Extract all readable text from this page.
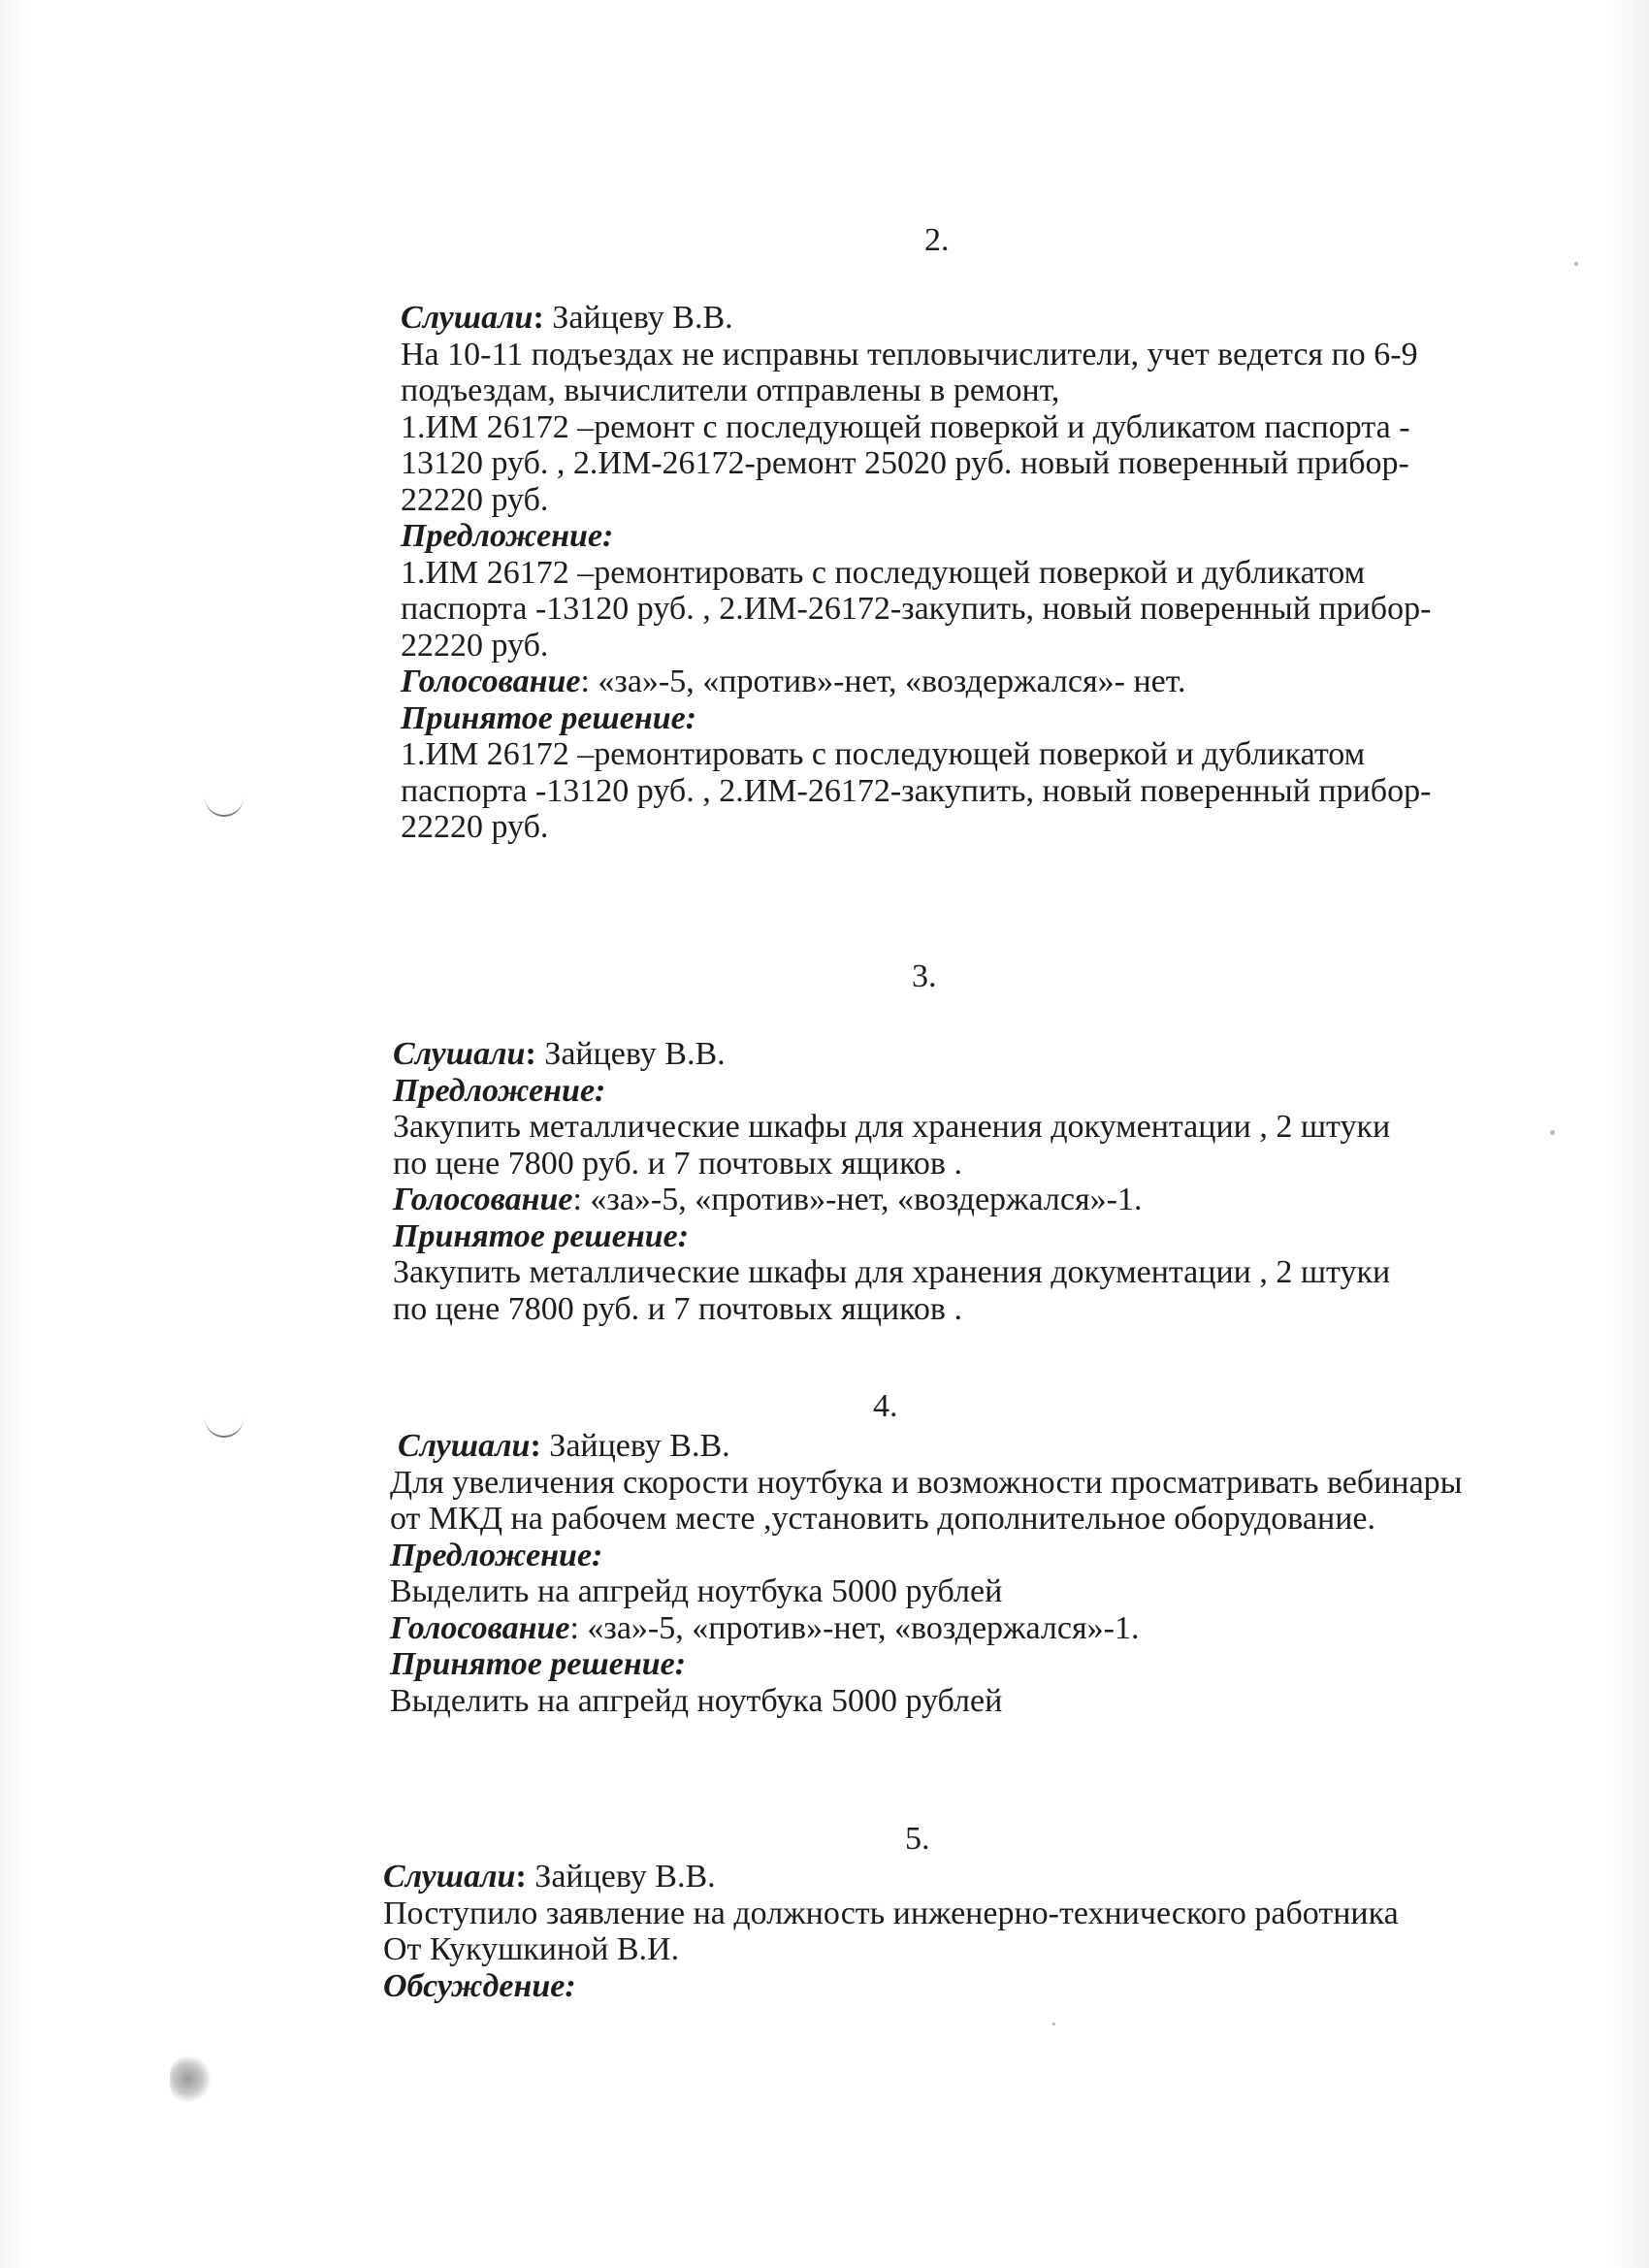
2.
Слушали: Зайцеву В.В.
На 10-11 подъездах не исправны тепловычислители, учет ведется по 6-9
подъездам, вычислители отправлены в ремонт,
1.ИМ 26172 –ремонт с последующей поверкой и дубликатом паспорта -
13120 руб. , 2.ИМ-26172-ремонт 25020 руб. новый поверенный прибор-
22220 руб.
Предложение:
1.ИМ 26172 –ремонтировать с последующей поверкой и дубликатом
паспорта -13120 руб. , 2.ИМ-26172-закупить, новый поверенный прибор-
22220 руб.
Голосование: «за»-5, «против»-нет, «воздержался»- нет.
Принятое решение:
1.ИМ 26172 –ремонтировать с последующей поверкой и дубликатом
паспорта -13120 руб. , 2.ИМ-26172-закупить, новый поверенный прибор-
22220 руб.
3.
Слушали: Зайцеву В.В.
Предложение:
Закупить металлические шкафы для хранения документации , 2 штуки
по цене 7800 руб. и 7 почтовых ящиков .
Голосование: «за»-5, «против»-нет, «воздержался»-1.
Принятое решение:
Закупить металлические шкафы для хранения документации , 2 штуки
по цене 7800 руб. и 7 почтовых ящиков .
4.
Слушали: Зайцеву В.В.
Для увеличения скорости ноутбука и возможности просматривать вебинары
от МКД на рабочем месте ,установить дополнительное оборудование.
Предложение:
Выделить на апгрейд ноутбука 5000 рублей
Голосование: «за»-5, «против»-нет, «воздержался»-1.
Принятое решение:
Выделить на апгрейд ноутбука 5000 рублей
5.
Слушали: Зайцеву В.В.
Поступило заявление на должность инженерно-технического работника
От Кукушкиной В.И.
Обсуждение:
